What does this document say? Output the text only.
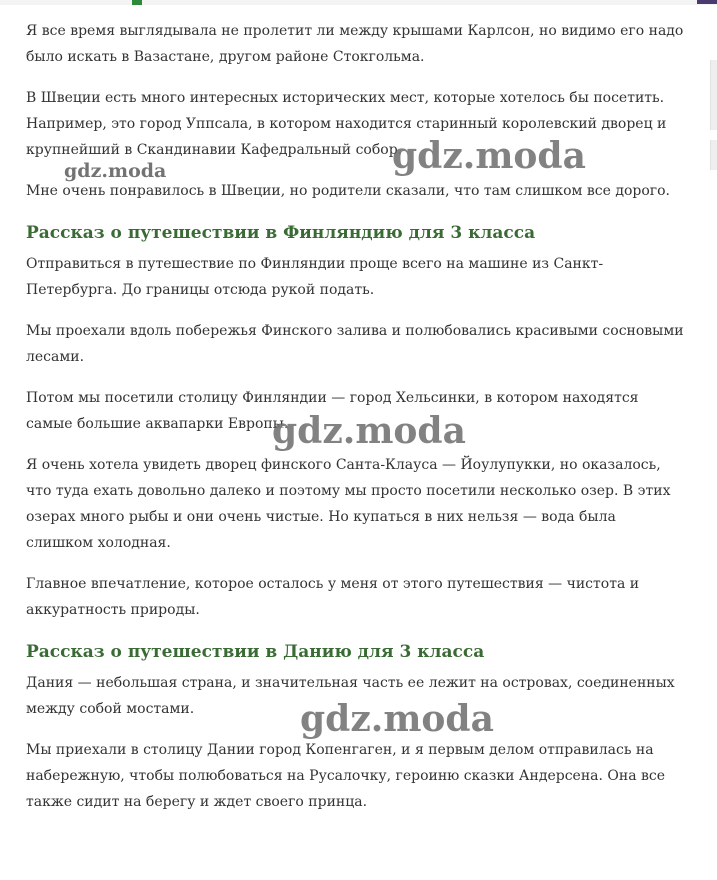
Я все время выглядывала не пролетит ли между крышами Карлсон, но видимо его надо было искать в Вазастане, другом районе Стокгольма.

В Швеции есть много интересных исторических мест, которые хотелось бы посетить. Например, это город Уппсала, в котором находится старинный королевский дворец и крупнейший в Скандинавии Кафедральный собор.

Мне очень понравилось в Швеции, но родители сказали, что там слишком все дорого.

Рассказ о путешествии в Финляндию для 3 класса

Отправиться в путешествие по Финляндии проще всего на машине из Санкт-Петербурга. До границы отсюда рукой подать.

Мы проехали вдоль побережья Финского залива и полюбовались красивыми сосновыми лесами.

Потом мы посетили столицу Финляндии — город Хельсинки, в котором находятся самые большие аквапарки Европы.

Я очень хотела увидеть дворец финского Санта-Клауса — Йоулупукки, но оказалось, что туда ехать довольно далеко и поэтому мы просто посетили несколько озер. В этих озерах много рыбы и они очень чистые. Но купаться в них нельзя — вода была слишком холодная.

Главное впечатление, которое осталось у меня от этого путешествия — чистота и аккуратность природы.

Рассказ о путешествии в Данию для 3 класса

Дания — небольшая страна, и значительная часть ее лежит на островах, соединенных между собой мостами.

Мы приехали в столицу Дании город Копенгаген, и я первым делом отправилась на набережную, чтобы полюбоваться на Русалочку, героиню сказки Андерсена. Она все также сидит на берегу и ждет своего принца.

gdz.moda	gdz.moda
gdz.moda
gdz.moda
